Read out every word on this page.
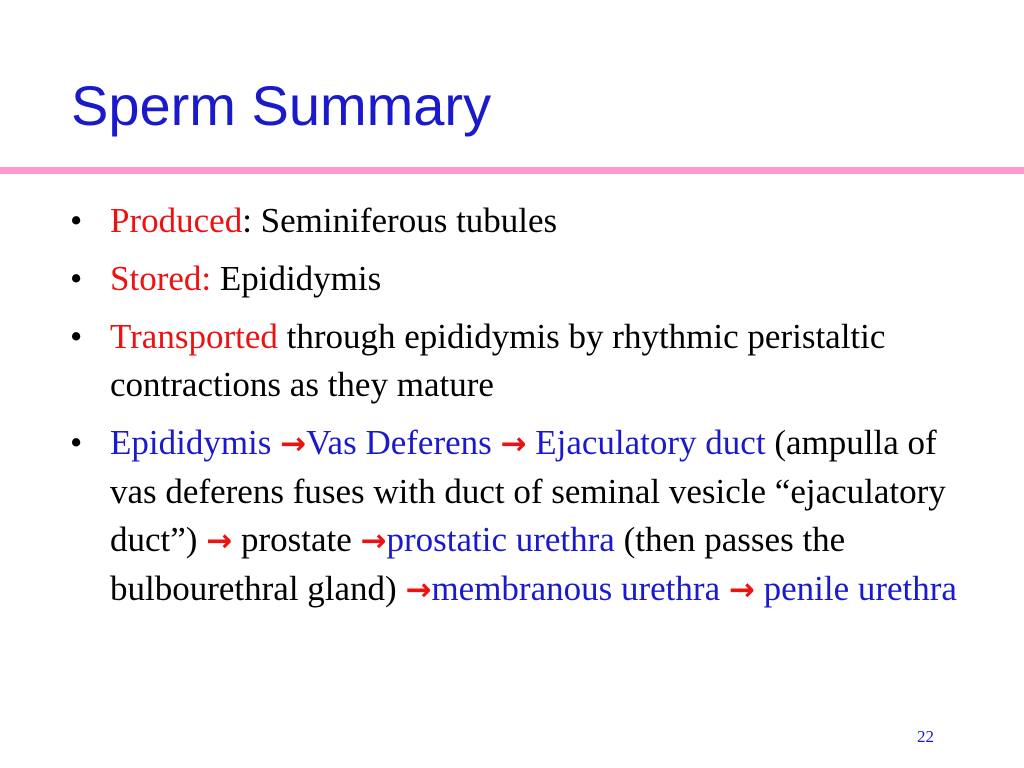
Sperm Summary
• Produced: Seminiferous tubules
• Stored: Epididymis
• Transported through epididymis by rhythmic peristaltic contractions as they mature
• Epididymis →Vas Deferens → Ejaculatory duct (ampulla of vas deferens fuses with duct of seminal vesicle “ejaculatory duct”) → prostate →prostatic urethra (then passes the bulbourethral gland) →membranous urethra → penile urethra
22
